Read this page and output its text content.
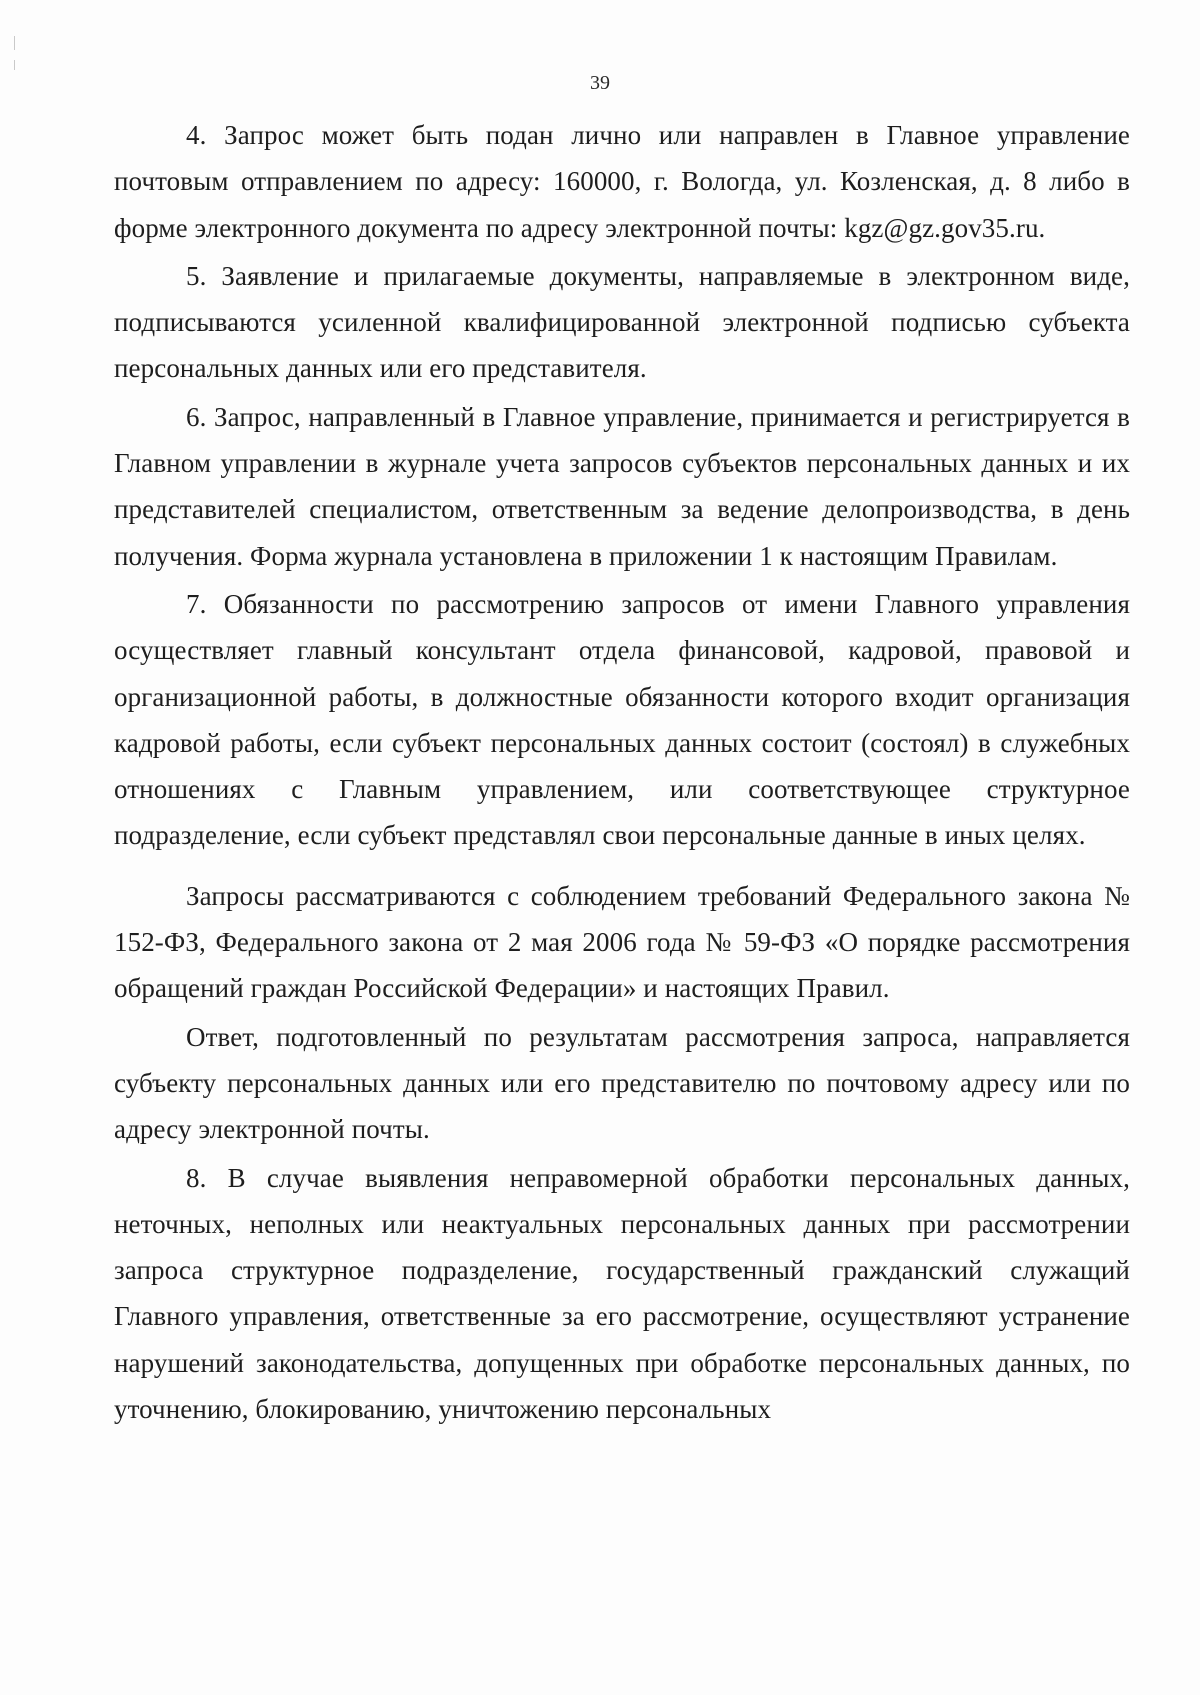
39

4. Запрос может быть подан лично или направлен в Главное управление почтовым отправлением по адресу: 160000, г. Вологда, ул. Козленская, д. 8 либо в форме электронного документа по адресу электронной почты: kgz@gz.gov35.ru.

5. Заявление и прилагаемые документы, направляемые в электронном виде, подписываются усиленной квалифицированной электронной подписью субъекта персональных данных или его представителя.

6. Запрос, направленный в Главное управление, принимается и регистрируется в Главном управлении в журнале учета запросов субъектов персональных данных и их представителей специалистом, ответственным за ведение делопроизводства, в день получения. Форма журнала установлена в приложении 1 к настоящим Правилам.

7. Обязанности по рассмотрению запросов от имени Главного управления осуществляет главный консультант отдела финансовой, кадровой, правовой и организационной работы, в должностные обязанности которого входит организация кадровой работы, если субъект персональных данных состоит (состоял) в служебных отношениях с Главным управлением, или соответствующее структурное подразделение, если субъект представлял свои персональные данные в иных целях.

Запросы рассматриваются с соблюдением требований Федерального закона № 152-ФЗ, Федерального закона от 2 мая 2006 года № 59-ФЗ «О порядке рассмотрения обращений граждан Российской Федерации» и настоящих Правил.

Ответ, подготовленный по результатам рассмотрения запроса, направляется субъекту персональных данных или его представителю по почтовому адресу или по адресу электронной почты.

8. В случае выявления неправомерной обработки персональных данных, неточных, неполных или неактуальных персональных данных при рассмотрении запроса структурное подразделение, государственный гражданский служащий Главного управления, ответственные за его рассмотрение, осуществляют устранение нарушений законодательства, допущенных при обработке персональных данных, по уточнению, блокированию, уничтожению персональных
